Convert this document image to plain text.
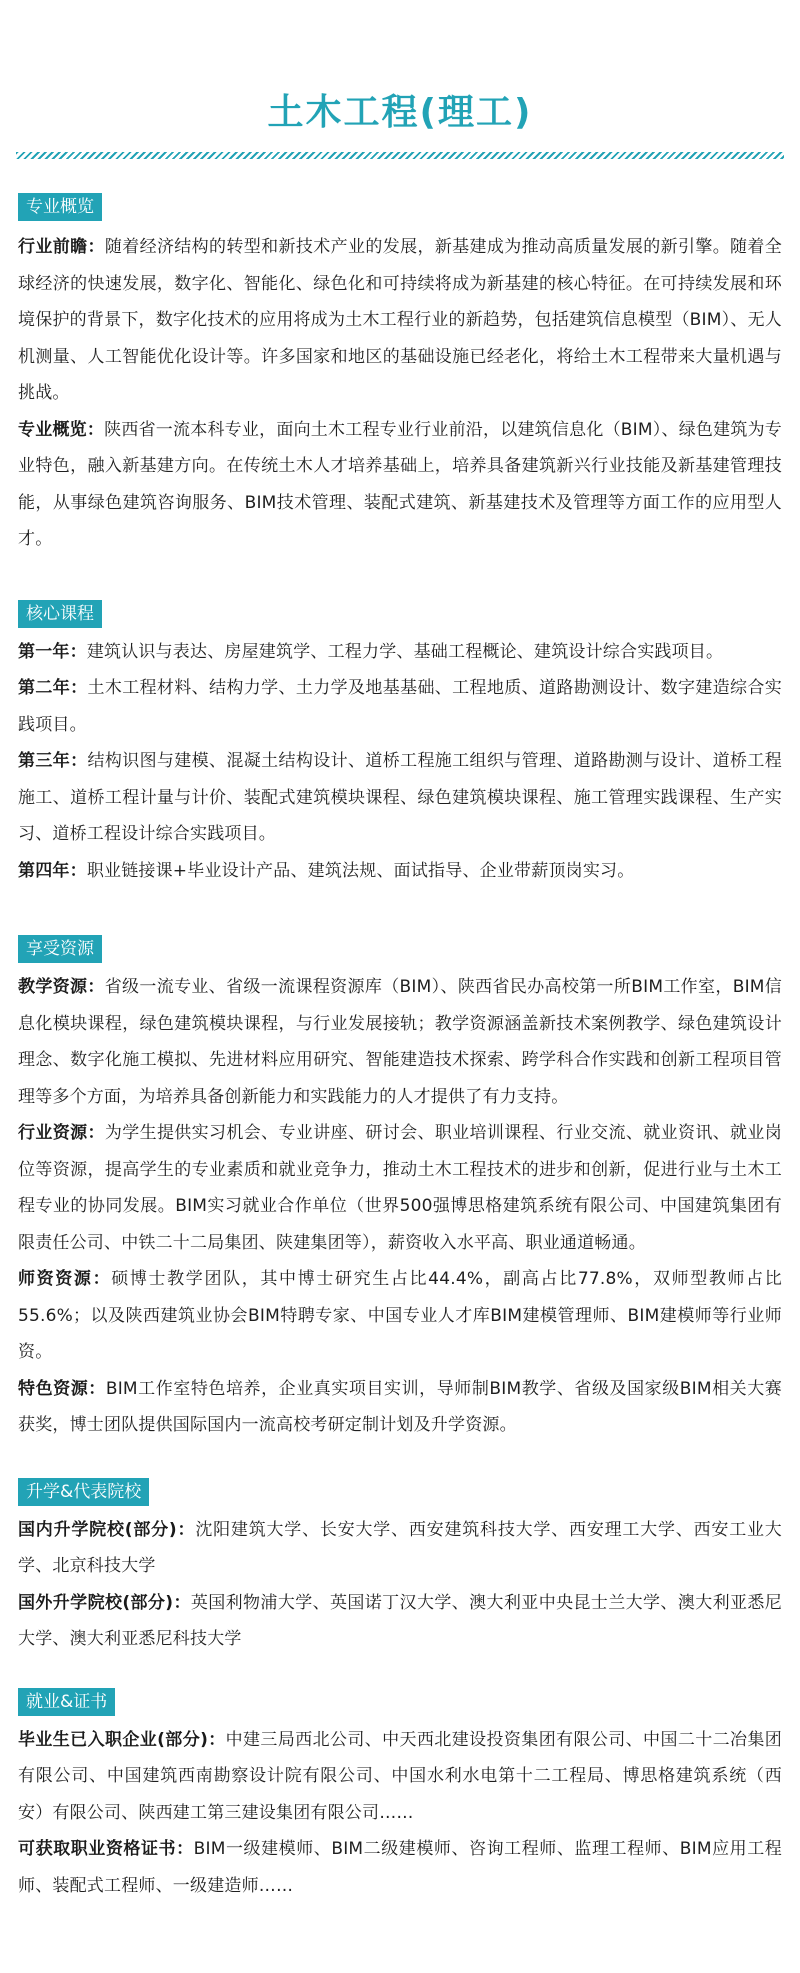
土木工程(理工)
专业概览

行业前瞻：随着经济结构的转型和新技术产业的发展，新基建成为推动高质量发展的新引擎。随着全球经济的快速发展，数字化、智能化、绿色化和可持续将成为新基建的核心特征。在可持续发展和环境保护的背景下，数字化技术的应用将成为土木工程行业的新趋势，包括建筑信息模型（BIM）、无人机测量、人工智能优化设计等。许多国家和地区的基础设施已经老化，将给土木工程带来大量机遇与挑战。

专业概览：陕西省一流本科专业，面向土木工程专业行业前沿，以建筑信息化（BIM）、绿色建筑为专业特色，融入新基建方向。在传统土木人才培养基础上，培养具备建筑新兴行业技能及新基建管理技能，从事绿色建筑咨询服务、BIM技术管理、装配式建筑、新基建技术及管理等方面工作的应用型人才。

核心课程

第一年：建筑认识与表达、房屋建筑学、工程力学、基础工程概论、建筑设计综合实践项目。

第二年：土木工程材料、结构力学、土力学及地基基础、工程地质、道路勘测设计、数字建造综合实践项目。

第三年：结构识图与建模、混凝土结构设计、道桥工程施工组织与管理、道路勘测与设计、道桥工程施工、道桥工程计量与计价、装配式建筑模块课程、绿色建筑模块课程、施工管理实践课程、生产实习、道桥工程设计综合实践项目。

第四年：职业链接课+毕业设计产品、建筑法规、面试指导、企业带薪顶岗实习。

享受资源

教学资源：省级一流专业、省级一流课程资源库（BIM）、陕西省民办高校第一所BIM工作室，BIM信息化模块课程，绿色建筑模块课程，与行业发展接轨；教学资源涵盖新技术案例教学、绿色建筑设计理念、数字化施工模拟、先进材料应用研究、智能建造技术探索、跨学科合作实践和创新工程项目管理等多个方面，为培养具备创新能力和实践能力的人才提供了有力支持。

行业资源：为学生提供实习机会、专业讲座、研讨会、职业培训课程、行业交流、就业资讯、就业岗位等资源，提高学生的专业素质和就业竞争力，推动土木工程技术的进步和创新，促进行业与土木工程专业的协同发展。BIM实习就业合作单位（世界500强博思格建筑系统有限公司、中国建筑集团有限责任公司、中铁二十二局集团、陕建集团等），薪资收入水平高、职业通道畅通。

师资资源：硕博士教学团队，其中博士研究生占比44.4%，副高占比77.8%，双师型教师占比55.6%；以及陕西建筑业协会BIM特聘专家、中国专业人才库BIM建模管理师、BIM建模师等行业师资。

特色资源：BIM工作室特色培养，企业真实项目实训，导师制BIM教学、省级及国家级BIM相关大赛获奖，博士团队提供国际国内一流高校考研定制计划及升学资源。

升学&代表院校

国内升学院校(部分)：沈阳建筑大学、长安大学、西安建筑科技大学、西安理工大学、西安工业大学、北京科技大学

国外升学院校(部分)：英国利物浦大学、英国诺丁汉大学、澳大利亚中央昆士兰大学、澳大利亚悉尼大学、澳大利亚悉尼科技大学

就业&证书

毕业生已入职企业(部分)：中建三局西北公司、中天西北建设投资集团有限公司、中国二十二冶集团有限公司、中国建筑西南勘察设计院有限公司、中国水利水电第十二工程局、博思格建筑系统（西安）有限公司、陕西建工第三建设集团有限公司……

可获取职业资格证书：BIM一级建模师、BIM二级建模师、咨询工程师、监理工程师、BIM应用工程师、装配式工程师、一级建造师……
